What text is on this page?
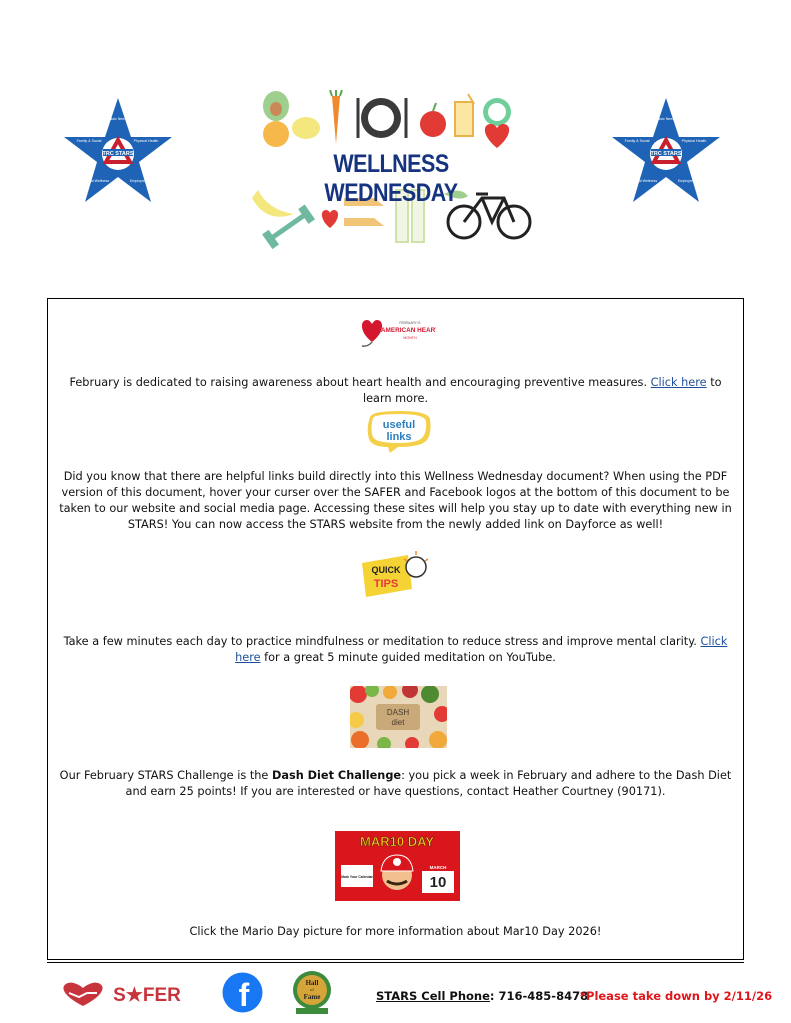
TRC STARS
Basic Needs
Physical Health
Employment
Mental Wellness
Family & Social
TRC STARS
Basic Needs
Physical Health
Employment
Mental Wellness
Family & Social
WELLNESS WEDNESDAY
FEBRUARY IS
AMERICAN HEART
MONTH
February is dedicated to raising awareness about heart health and encouraging preventive measures. Click here to learn more.
useful
links
Did you know that there are helpful links build directly into this Wellness Wednesday document? When using the PDF version of this document, hover your curser over the SAFER and Facebook logos at the bottom of this document to be taken to our website and social media page. Accessing these sites will help you stay up to date with everything new in STARS! You can now access the STARS website from the newly added link on Dayforce as well!
QUICK
TIPS
Take a few minutes each day to practice mindfulness or meditation to reduce stress and improve mental clarity. Click here for a great 5 minute guided meditation on YouTube.
DASH
diet
Our February STARS Challenge is the Dash Diet Challenge: you pick a week in February and adhere to the Dash Diet and earn 25 points! If you are interested or have questions, contact Heather Courtney (90171).
MAR10 DAY
Mark Your Calendar
MARCH
10
Click the Mario Day picture for more information about Mar10 Day 2026!
S★FER f	Hall
of
Fame	STARS Cell Phone: 716-485-8478
*Please take down by 2/11/26
